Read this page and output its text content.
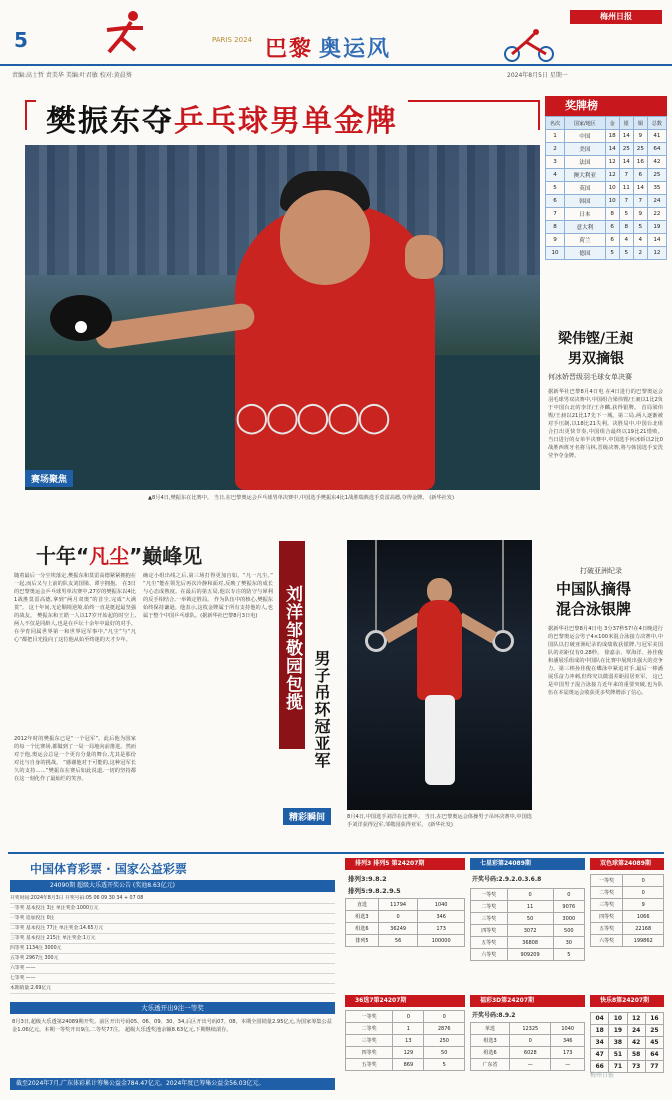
5	PARIS 2024 巴黎 奥运风
梅州日报
责编:高士哲 责美华 美编:叶君敏 校对:黄晨葵	2024年8月5日 星期一
樊振东夺乒乓球男单金牌
◯◯◯◯◯
赛场聚焦
▲8月4日,樊振东在比赛中。 当日,在巴黎奥运会乒乓球男单决赛中,中国选手樊振东4比1战胜瑞典选手莫雷高德,夺得金牌。 (新华社发)
十年“凡尘”巅峰见
随着最后一分尘埃落定,樊振东和莫雷高德紧紧拥抱在一起,而后又与上前的队友刘国梁、谭宇拥抱。 在3日的巴黎奥运会乒乓球男单决赛中,27岁的樊振东以4比1战胜莫雷高德,拿到“两月双奥”的首尘,完成“大满贯”。 这十年间,无论顺境逆境,始终一直是挺起最坚强的战友。 樊振东和王皓一人以17岁开始起的时空上,两人不仅是同龄人,也是在乒坛十余年中最好的对手。在孕育同属世界第一和世界冠军事中,“凡尘”与“凡心”都把目光投向了这位他从始至终迷的天才少年。
2012年时的樊振东已是“一个冠军”。此后他为国家的每一个比赛场,都做到了一局一局地向前推进。然而对于他,奥运会总是一个更有分量的舞台,尤其是那份对比与自身的挑战。 “感谢他对于可能的,这种冠军长久的支持……”樊振东在赛后如此说道,一切的坚持都在这一刻化作了最灿烂的笑容。
确定小组出线之后,第三场打得更加自如。“凡一凡尘。” “凡尘”能在领先后再次冷静和面对,反映了樊振东的成长与心态成熟度。在最后的第五局,他以专注的防守与犀利的反手相结合,一举锁定胜局。 作为队伍中的核心,樊振东始终保持谦逊。他表示,这枚金牌属于所有支持他的人,也属于整个中国乒乓球队。(据新华社巴黎8月3日电)	刘洋邹敬园包揽 男子吊环冠亚军
精彩瞬间	8月4日,中国选手刘洋在比赛中。 当日,在巴黎奥运会体操男子吊环决赛中,中国选手刘洋获得冠军,邹敬园获得亚军。 (新华社发)
奖牌榜
名次	国家/地区	金	银	铜	总数
1	中国	18	14	9	41
2	美国	14	25	25	64
3	法国	12	14	16	42
4	澳大利亚	12	7	6	25
5	英国	10	11	14	35
6	韩国	10	7	7	24
7	日本	8	5	9	22
8	意大利	6	8	5	19
9	荷兰	6	4	4	14
10	德国	5	5	2	12
梁伟铿/王昶
男双摘银
何冰娇晋级羽毛球女单决赛
据新华社巴黎8月4日电 在4日进行的巴黎奥运会羽毛球男双决赛中,中国组合梁伟铿/王昶以1比2负于中国台北的李洋/王齐麟,获得银牌。 首局梁伟铿/王昶以21比17先下一城。第二局,两人逐渐被对手压制,以18比21失利。决胜局中,中国台北组合打出更快节奏,中国组合最终以19比21惜败。 当日进行的女单半决赛中,中国选手何冰娇以2比0战胜西班牙名将马林,晋级决赛,将与韩国选手安洗莹争夺金牌。
打破亚洲纪录
中国队摘得
混合泳银牌
据新华社巴黎8月4日电 3分37秒57!在4日晚进行的巴黎奥运会男子4×100米混合泳接力决赛中,中国队以打破亚洲纪录的成绩收获银牌,与冠军美国队的差距仅有0.28秒。 徐嘉余、覃海洋、孙佳俊和潘展乐组成的中国队在比赛中展现出强大的竞争力。第三棒孙佳俊在蝶泳中紧追对手,最后一棒潘展乐奋力冲刺,但终究以微弱差距屈居亚军。 这已是中国男子混合泳接力近年来的重要突破,也为队伍在本届奥运会收获更多奖牌增添了信心。
中国体育彩票 · 国家公益彩票
24090期 超级大乐透开奖公告 (奖池8.63亿元)
开奖时间:2024年8月3日 开奖号码:05 06 09 30 34 + 07 08
一等奖 基本投注 3注 单注奖金:1000万元
一等奖 追加投注 0注
二等奖 基本投注 77注 单注奖金:14.65万元
三等奖 基本投注 215注 单注奖金:1万元
四等奖 1134注 3000元
五等奖 2967注 300元
六等奖 ——
七等奖 ——
本期销量:2.69亿元
大乐透开出9注一等奖
8月3日,超级大乐透第24089期开奖。前区开出号码05、06、09、30、34,后区开出号码07、08。本期全国销量2.95亿元,为国家筹集公益金1.06亿元。本期一等奖开出9注,二等奖77注。 超级大乐透奖池余额8.63亿元,下期继续滚存。
截至2024年7月,广东体彩累计筹集公益金784.47亿元。2024年度已筹集公益金56.03亿元。
排列3 排列5 第24207期
排列3:9.8.2
排列5:9.8.2.9.5
直选	11794	1040
组选3	0	346
组选6	36249	173
排列5	56	100000
七星彩第24089期
开奖号码:2.9.2.0.3.6.8
一等奖	0	0
二等奖	11	9076
三等奖	50	3000
四等奖	3072	500
五等奖	36808	30
六等奖	909209	5
双色球第24089期
一等奖	0
二等奖	0
三等奖	9
四等奖	1066
五等奖	22168
六等奖	199862
36选7第24207期
一等奖	0	0
二等奖	1	2876
三等奖	13	250
四等奖	129	50
五等奖	869	5
福彩3D第24207期
开奖号码:8.9.2
单选	12325	1040
组选3	0	346
组选6	6028	173
广东省	—	—
快乐8第24207期
04	10	12	16
18	19	24	25
34	38	42	45
47	51	58	64
66	71	73	77
梅州日报
